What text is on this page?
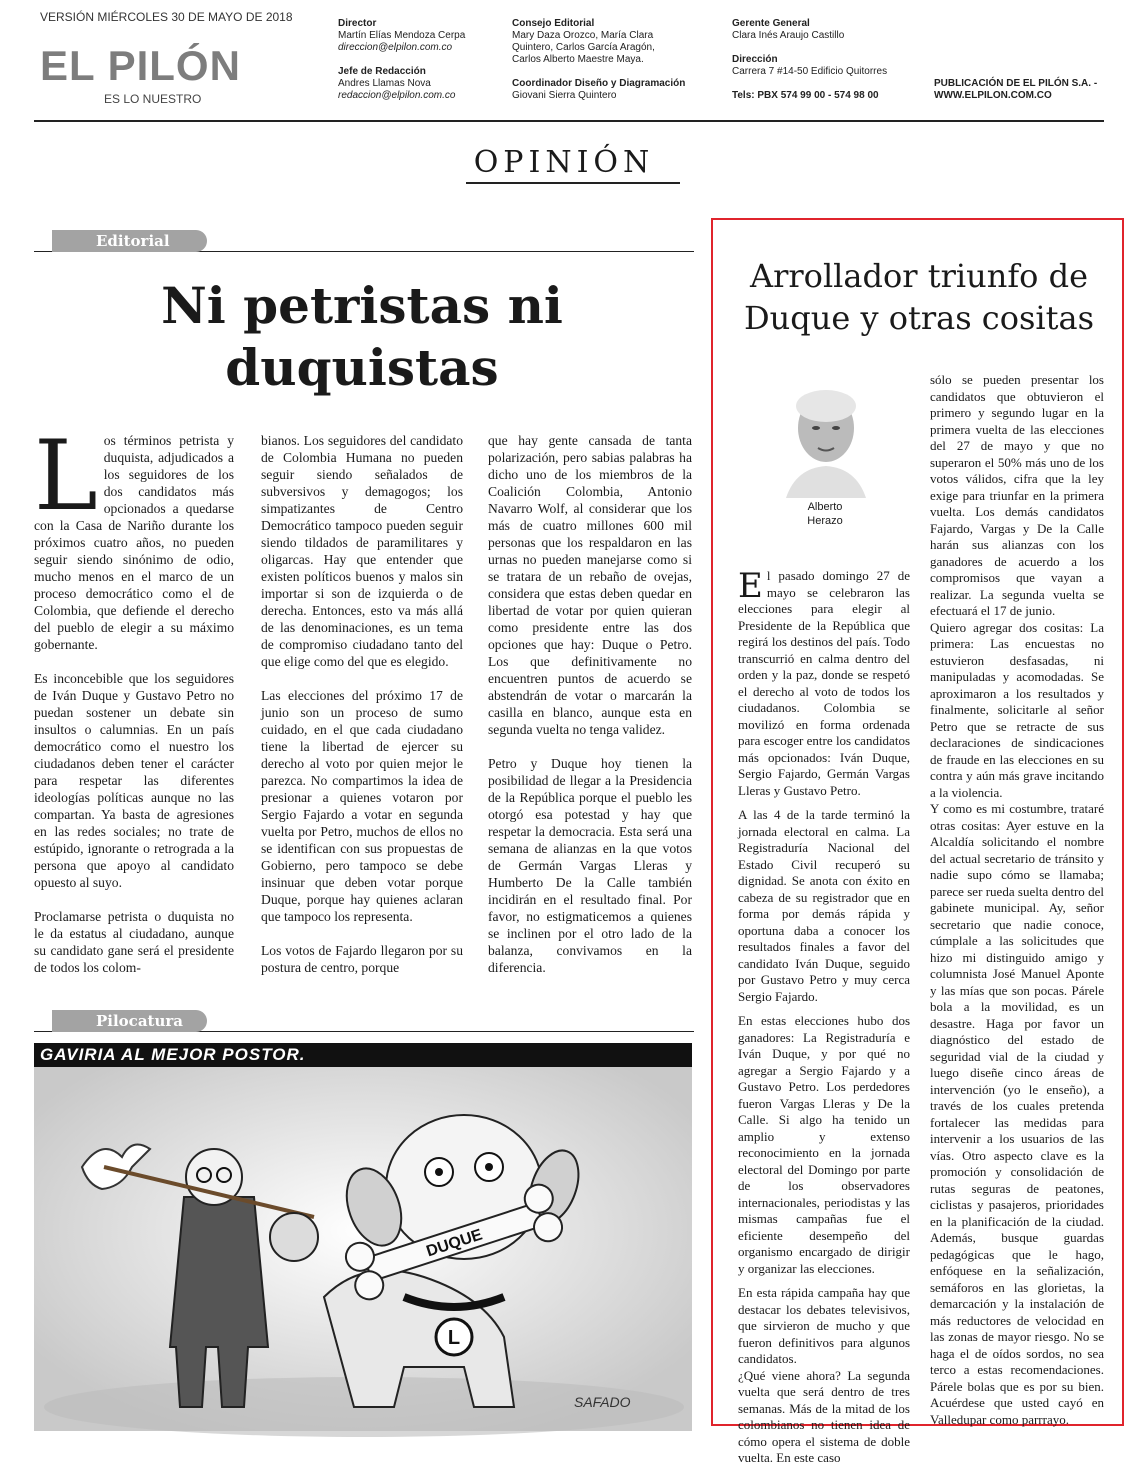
VERSIÓN MIÉRCOLES 30 DE MAYO DE 2018
EL PILÓN
ES LO NUESTRO
Director
Martín Elías Mendoza Cerpa
direccion@elpilon.com.co

Jefe de Redacción
Andres Llamas Nova
redaccion@elpilon.com.co
Consejo Editorial
Mary Daza Orozco, María Clara
Quintero, Carlos García Aragón,
Carlos Alberto Maestre Maya.

Coordinador Diseño y Diagramación
Giovani Sierra Quintero
Gerente General
Clara Inés Araujo Castillo

Dirección
Carrera 7 #14-50 Edificio Quitorres

Tels: PBX 574 99 00 - 574 98 00
PUBLICACIÓN DE EL PILÓN S.A. -
WWW.ELPILON.COM.CO
OPINIÓN
Editorial
Ni petristas ni
duquistas

Los términos petrista y duquista, adjudicados a los seguidores de los dos candidatos más opcionados a quedarse con la Casa de Nariño durante los próximos cuatro años, no pueden seguir siendo sinónimo de odio, mucho menos en el marco de un proceso democrático como el de Colombia, que defiende el derecho del pueblo de elegir a su máximo gobernante.

Es inconcebible que los seguidores de Iván Duque y Gustavo Petro no puedan sostener un debate sin insultos o calumnias. En un país democrático como el nuestro los ciudadanos deben tener el carácter para respetar las diferentes ideologías políticas aunque no las compartan. Ya basta de agresiones en las redes sociales; no trate de estúpido, ignorante o retrograda a la persona que apoyo al candidato opuesto al suyo.

Proclamarse petrista o duquista no le da estatus al ciudadano, aunque su candidato gane será el presidente de todos los colom-

bianos. Los seguidores del candidato de Colombia Humana no pueden seguir siendo señalados de subversivos y demagogos; los simpatizantes de Centro Democrático tampoco pueden seguir siendo tildados de paramilitares y oligarcas. Hay que entender que existen políticos buenos y malos sin importar si son de izquierda o de derecha. Entonces, esto va más allá de las denominaciones, es un tema de compromiso ciudadano tanto del que elige como del que es elegido.

Las elecciones del próximo 17 de junio son un proceso de sumo cuidado, en el que cada ciudadano tiene la libertad de ejercer su derecho al voto por quien mejor le parezca. No compartimos la idea de presionar a quienes votaron por Sergio Fajardo a votar en segunda vuelta por Petro, muchos de ellos no se identifican con sus propuestas de Gobierno, pero tampoco se debe insinuar que deben votar porque Duque, porque hay quienes aclaran que tampoco los representa.

Los votos de Fajardo llegaron por su postura de centro, porque

que hay gente cansada de tanta polarización, pero sabias palabras ha dicho uno de los miembros de la Coalición Colombia, Antonio Navarro Wolf, al considerar que los más de cuatro millones 600 mil personas que los respaldaron en las urnas no pueden manejarse como si se tratara de un rebaño de ovejas, considera que estas deben quedar en libertad de votar por quien quieran como presidente entre las dos opciones que hay: Duque o Petro. Los que definitivamente no encuentren puntos de acuerdo se abstendrán de votar o marcarán la casilla en blanco, aunque esta en segunda vuelta no tenga validez.

Petro y Duque hoy tienen la posibilidad de llegar a la Presidencia de la República porque el pueblo les otorgó esa potestad y hay que respetar la democracia. Esta será una semana de alianzas en la que votos de Germán Vargas Lleras y Humberto De la Calle también incidirán en el resultado final. Por favor, no estigmaticemos a quienes se inclinen por el otro lado de la balanza, convivamos en la diferencia.

Pilocatura
GAVIRIA AL MEJOR POSTOR.
DUQUE
L
SAFADO
Arrollador triunfo de
Duque y otras cositas
Alberto
Herazo

El pasado domingo 27 de mayo se celebraron las elecciones para elegir al Presidente de la República que regirá los destinos del país. Todo transcurrió en calma dentro del orden y la paz, donde se respetó el derecho al voto de todos los ciudadanos. Colombia se movilizó en forma ordenada para escoger entre los candidatos más opcionados: Iván Duque, Sergio Fajardo, Germán Vargas Lleras y Gustavo Petro.

A las 4 de la tarde terminó la jornada electoral en calma. La Registraduría Nacional del Estado Civil recuperó su dignidad. Se anota con éxito en cabeza de su registrador que en forma por demás rápida y oportuna daba a conocer los resultados finales a favor del candidato Iván Duque, seguido por Gustavo Petro y muy cerca Sergio Fajardo.

En estas elecciones hubo dos ganadores: La Registraduría e Iván Duque, y por qué no agregar a Sergio Fajardo y a Gustavo Petro. Los perdedores fueron Vargas Lleras y De la Calle. Si algo ha tenido un amplio y extenso reconocimiento en la jornada electoral del Domingo por parte de los observadores internacionales, periodistas y las mismas campañas fue el eficiente desempeño del organismo encargado de dirigir y organizar las elecciones.

En esta rápida campaña hay que destacar los debates televisivos, que sirvieron de mucho y que fueron definitivos para algunos candidatos.

¿Qué viene ahora? La segunda vuelta que será dentro de tres semanas. Más de la mitad de los colombianos no tienen idea de cómo opera el sistema de doble vuelta. En este caso

sólo se pueden presentar los candidatos que obtuvieron el primero y segundo lugar en la primera vuelta de las elecciones del 27 de mayo y que no superaron el 50% más uno de los votos válidos, cifra que la ley exige para triunfar en la primera vuelta. Los demás candidatos Fajardo, Vargas y De la Calle harán sus alianzas con los ganadores de acuerdo a los compromisos que vayan a realizar. La segunda vuelta se efectuará el 17 de junio.

Quiero agregar dos cositas: La primera: Las encuestas no estuvieron desfasadas, ni manipuladas y acomodadas. Se aproximaron a los resultados y finalmente, solicitarle al señor Petro que se retracte de sus declaraciones de sindicaciones de fraude en las elecciones en su contra y aún más grave incitando a la violencia.

Y como es mi costumbre, trataré otras cositas: Ayer estuve en la Alcaldía solicitando el nombre del actual secretario de tránsito y nadie supo cómo se llamaba; parece ser rueda suelta dentro del gabinete municipal. Ay, señor secretario que nadie conoce, cúmplale a las solicitudes que hizo mi distinguido amigo y columnista José Manuel Aponte y las mías que son pocas. Párele bola a la movilidad, es un desastre. Haga por favor un diagnóstico del estado de seguridad vial de la ciudad y luego diseñe cinco áreas de intervención (yo le enseño), a través de los cuales pretenda fortalecer las medidas para intervenir a los usuarios de las vías. Otro aspecto clave es la promoción y consolidación de rutas seguras de peatones, ciclistas y pasajeros, prioridades en la planificación de la ciudad. Además, busque guardas pedagógicas que le hago, enfóquese en la señalización, semáforos en las glorietas, la demarcación y la instalación de más reductores de velocidad en las zonas de mayor riesgo. No se haga el de oídos sordos, no sea terco a estas recomendaciones. Párele bolas que es por su bien. Acuérdese que usted cayó en Valledupar como parrrayo.
